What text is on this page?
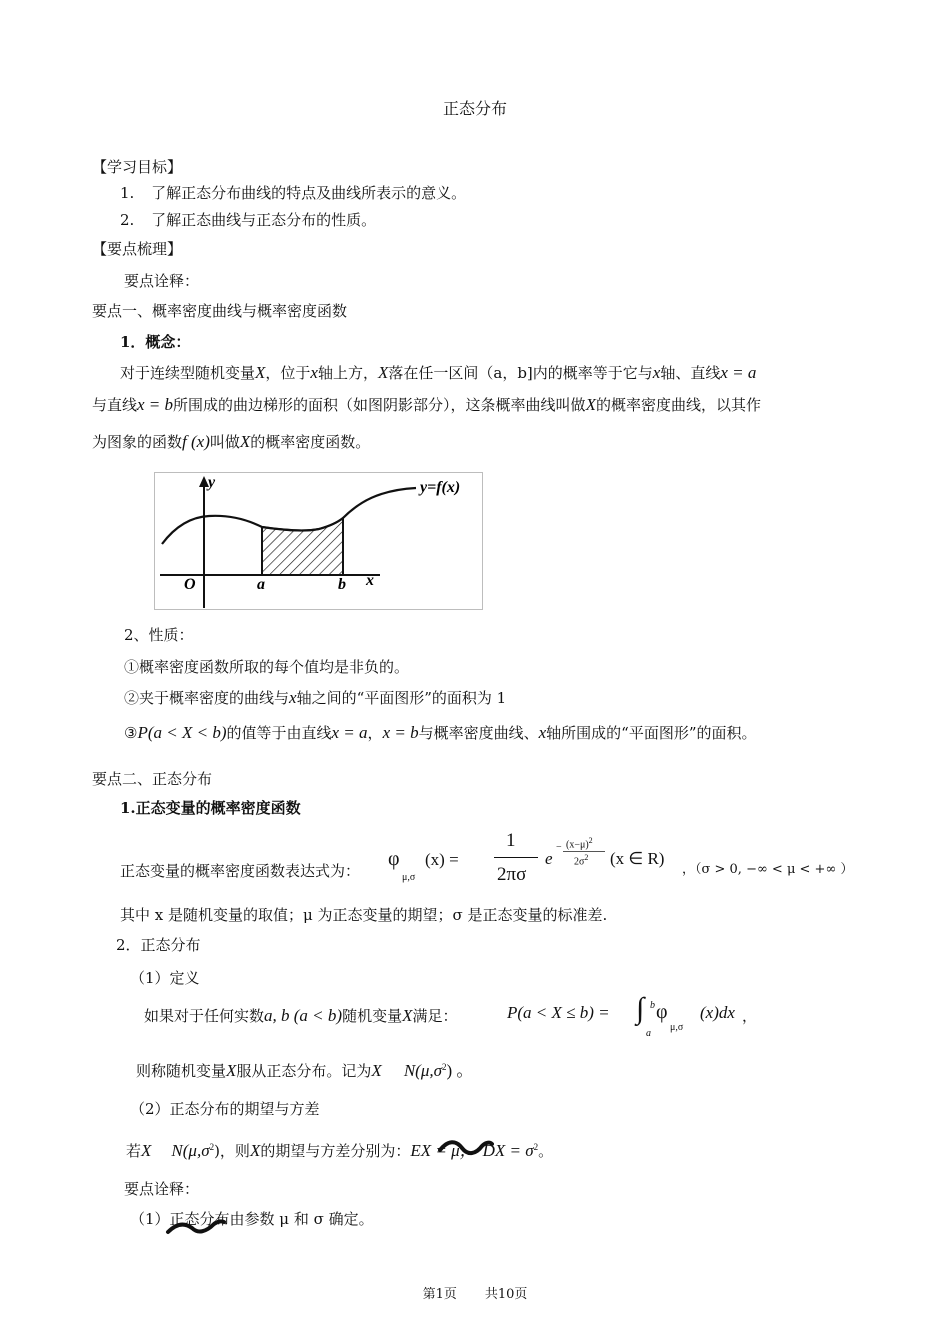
正态分布
【学习目标】
1. 了解正态分布曲线的特点及曲线所表示的意义。
2. 了解正态曲线与正态分布的性质。
【要点梳理】
要点诠释：
要点一、概率密度曲线与概率密度函数
1．概念：
对于连续型随机变量X，位于x轴上方，X落在任一区间（a，b]内的概率等于它与x轴、直线x = a
与直线x = b所围成的曲边梯形的面积（如图阴影部分），这条概率曲线叫做X的概率密度曲线，以其作
为图象的函数f (x)叫做X的概率密度函数。
y	y=f(x)
O	a	b x
2、性质：
①概率密度函数所取的每个值均是非负的。
②夹于概率密度的曲线与x轴之间的“平面图形”的面积为 1
③P(a < X < b)的值等于由直线x = a，x = b与概率密度曲线、x轴所围成的“平面图形”的面积。
要点二、正态分布
1.正态变量的概率密度函数
正态变量的概率密度函数表达式为：
φ
μ,σ
(x) =
1
2πσ
e
− $(x-\mu)^2$
$2\sigma^2$ (x ∈ R)
，（σ > 0, −∞ < μ < +∞ ）
其中 x 是随机变量的取值；μ 为正态变量的期望；σ 是正态变量的标准差.
2．正态分布
（1）定义
如果对于任何实数a, b (a < b)随机变量X满足：	P(a < X ≤ b) = ∫ b
a
φ
μ,σ
(x)dx ，
则称随机变量X服从正态分布。记为X $N(\mu,\sigma^2)$ 。
（2）正态分布的期望与方差
若X $N(\mu,\sigma^2)$，则X的期望与方差分别为：EX = μ， DX = $\sigma^2$。
要点诠释：
（1）正态分布由参数 μ 和 σ 确定。
第1页 共10页
